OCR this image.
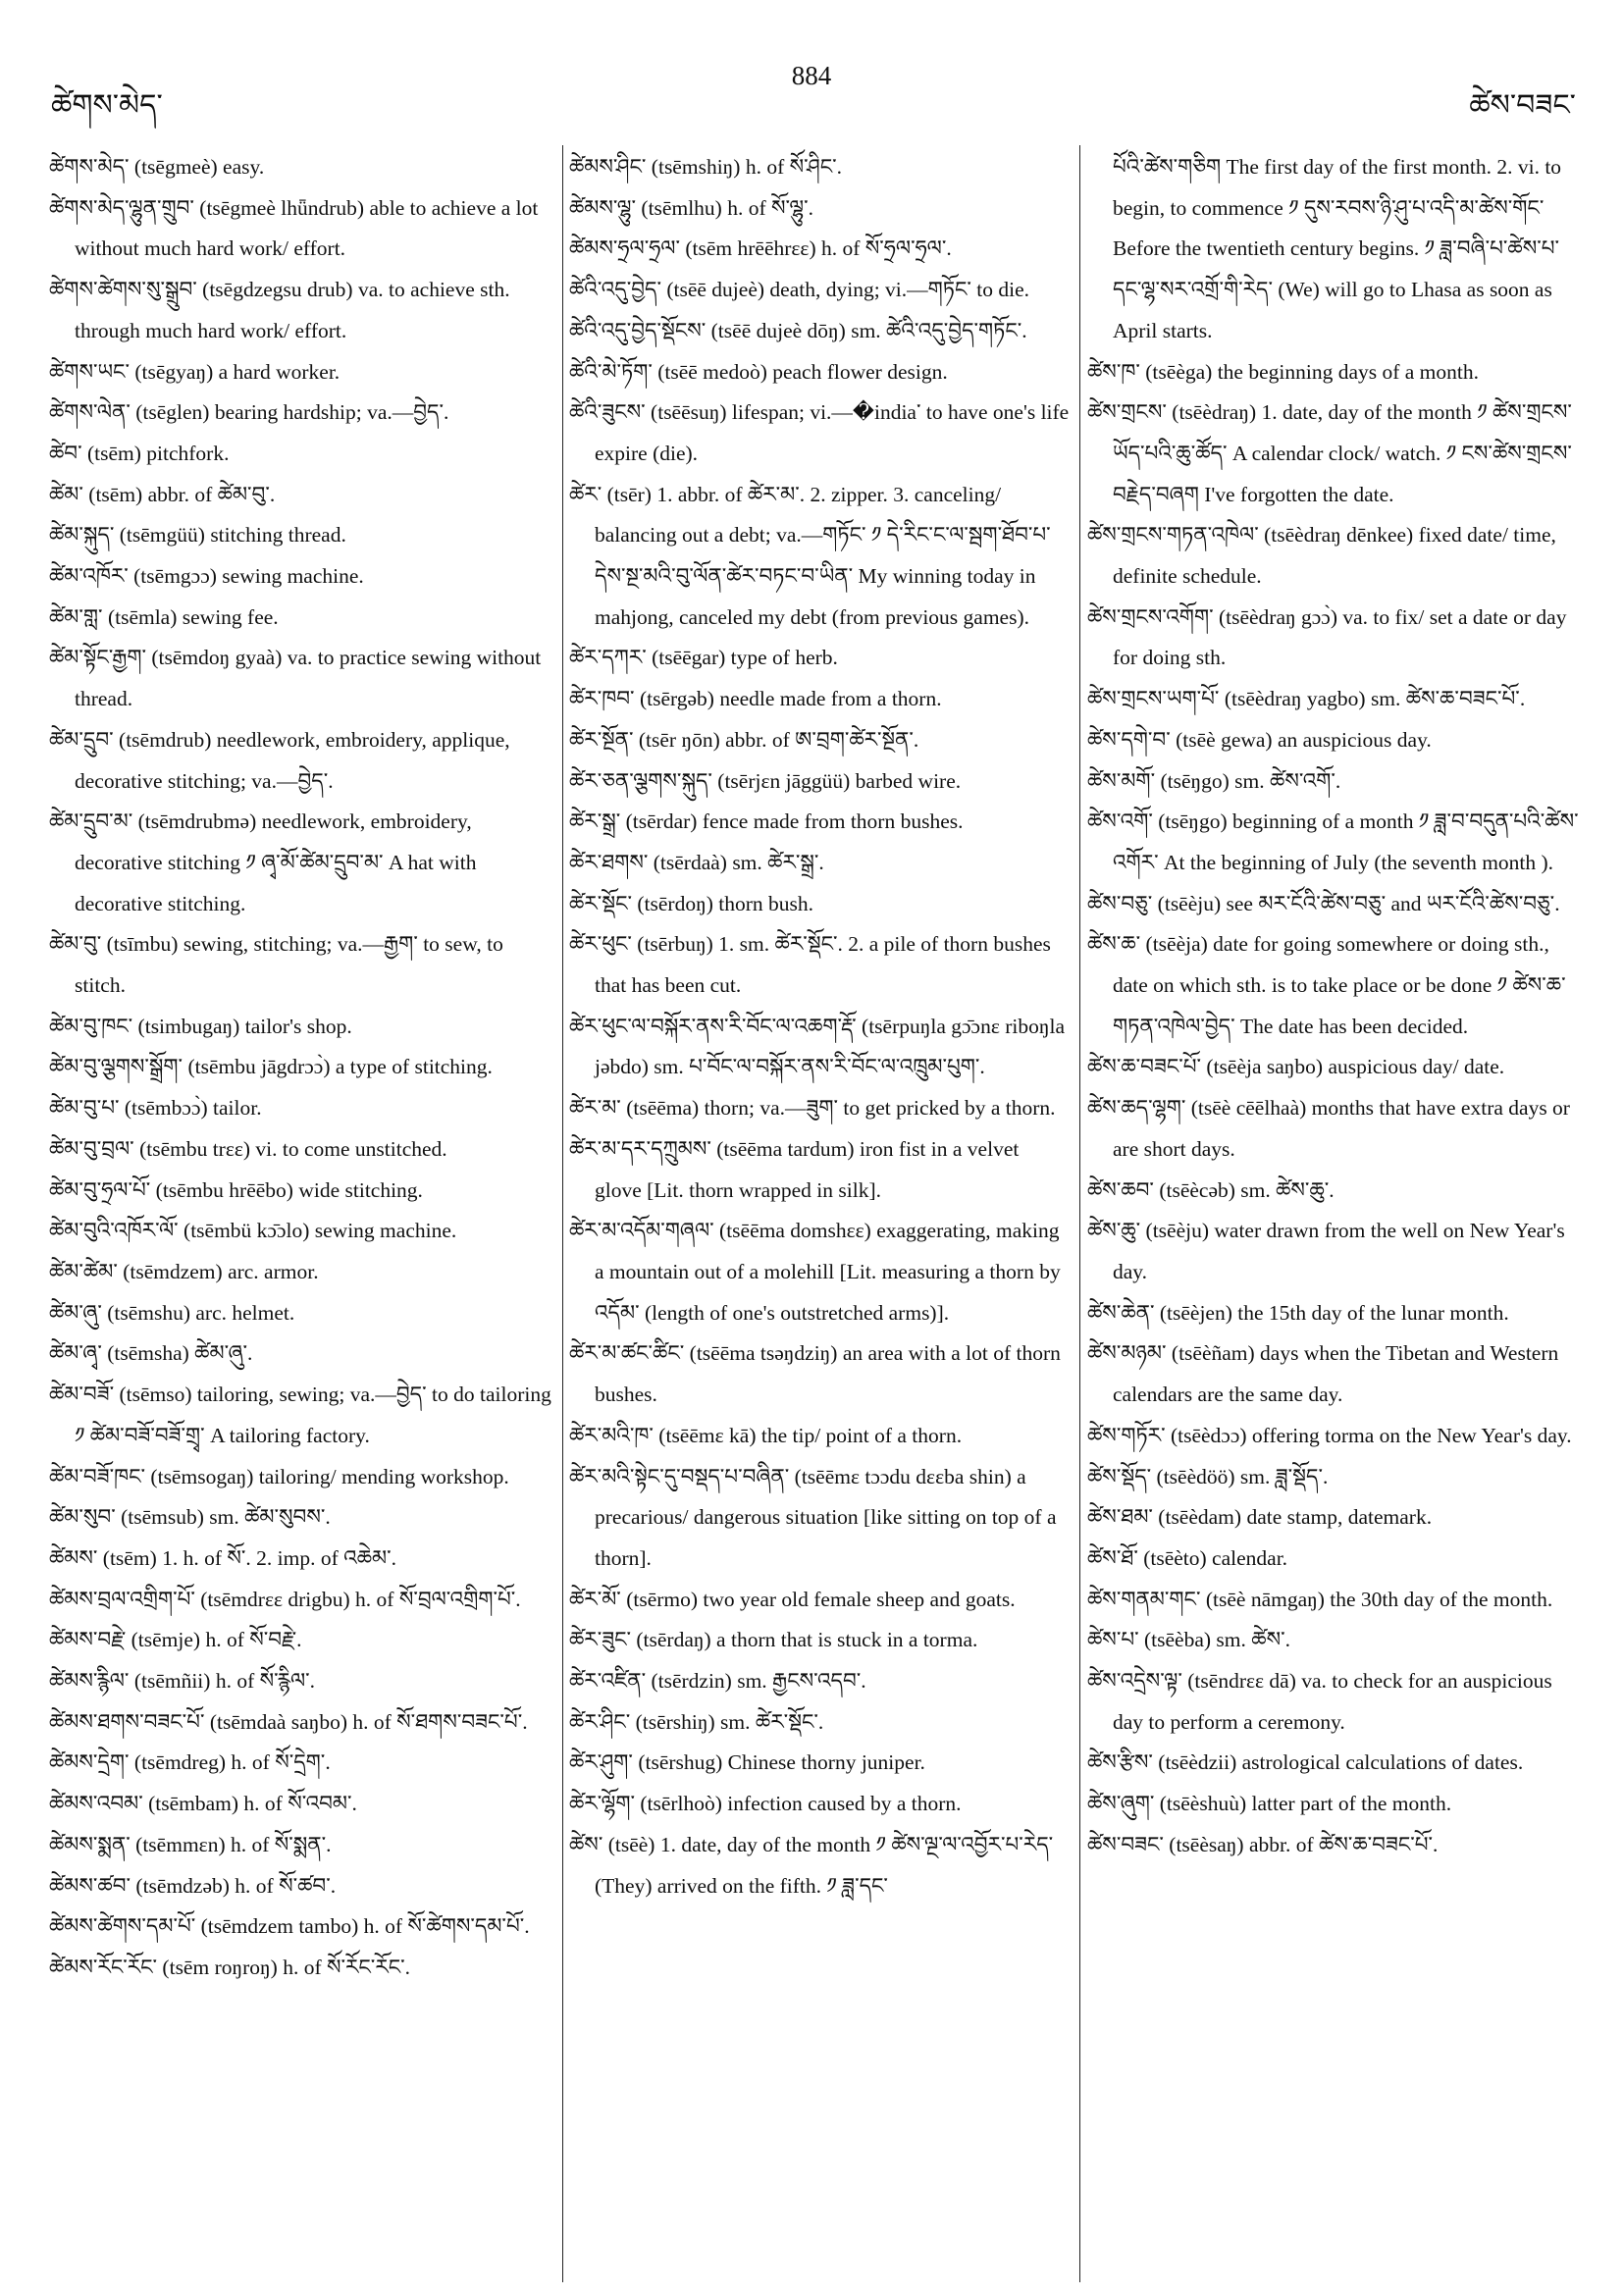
ཚེགས་མེད་
884
ཚེས་བཟང་

ཚེགས་མེད་ (tsēgmeè) easy.

ཚེགས་མེད་ལྷུན་གྲུབ་ (tsēgmeè lhǖndrub) able to achieve a lot without much hard work/ effort.

ཚེགས་ཚེགས་སུ་སྒྲུབ་ (tsēgdzegsu drub) va. to achieve sth. through much hard work/ effort.

ཚེགས་ཡང་ (tsēgyaŋ) a hard worker.

ཚེགས་ལེན་ (tsēglen) bearing hardship; va.—བྱེད་.

ཚེབ་ (tsēm) pitchfork.

ཚེམ་ (tsēm) abbr. of ཚེམ་བུ་.

ཚེམ་སྐུད་ (tsēmgüü) stitching thread.

ཚེམ་འཁོར་ (tsēmgɔɔ) sewing machine.

ཚེམ་གླ་ (tsēmla) sewing fee.

ཚེམ་སྟོང་རྒྱག་ (tsēmdoŋ gyaà) va. to practice sewing without thread.

ཚེམ་དྲུབ་ (tsēmdrub) needlework, embroidery, applique, decorative stitching; va.—བྱེད་.

ཚེམ་དྲུབ་མ་ (tsēmdrubmə) needlework, embroidery, decorative stitching ༡ ཞྭ་མོ་ཚེམ་དྲུབ་མ་ A hat with decorative stitching.

ཚེམ་བུ་ (tsīmbu) sewing, stitching; va.—རྒྱག་ to sew, to stitch.

ཚེམ་བུ་ཁང་ (tsimbugaŋ) tailor's shop.

ཚེམ་བུ་ལྕགས་སྒྲོག་ (tsēmbu jāgdrɔɔ̀) a type of stitching.

ཚེམ་བུ་པ་ (tsēmbɔɔ̀) tailor.

ཚེམ་བུ་བྲལ་ (tsēmbu trɛɛ) vi. to come unstitched.

ཚེམ་བུ་ཧྲལ་པོ་ (tsēmbu hrēēbo) wide stitching.

ཚེམ་བུའི་འཁོར་ལོ་ (tsēmbü kɔ̄ɔlo) sewing machine.

ཚེམ་ཚེམ་ (tsēmdzem) arc. armor.

ཚེམ་ཞུ་ (tsēmshu) arc. helmet.

ཚེམ་ཞྭ་ (tsēmsha) ཚེམ་ཞུ་.

ཚེམ་བཟོ་ (tsēmso) tailoring, sewing; va.—བྱེད་ to do tailoring ༡ ཚེམ་བཟོ་བཟོ་གྲྭ་ A tailoring factory.

ཚེམ་བཟོ་ཁང་ (tsēmsogaŋ) tailoring/ mending workshop.

ཚེམ་སུབ་ (tsēmsub) sm. ཚེམ་སུབས་.

ཚེམས་ (tsēm) 1. h. of སོ་. 2. imp. of འཆེམ་.

ཚེམས་བྲལ་འགྲིག་པོ་ (tsēmdrɛɛ drigbu) h. of སོ་བྲལ་འགྲིག་པོ་.

ཚེམས་བརྗེ་ (tsēmje) h. of སོ་བརྗེ་.

ཚེམས་རྙིལ་ (tsēmñii) h. of སོ་རྙིལ་.

ཚེམས་ཐགས་བཟང་པོ་ (tsēmdaà saŋbo) h. of སོ་ཐགས་བཟང་པོ་.

ཚེམས་དྲེག་ (tsēmdreg) h. of སོ་དྲེག་.

ཚེམས་འབམ་ (tsēmbam) h. of སོ་འབམ་.

ཚེམས་སྨན་ (tsēmmɛn) h. of སོ་སྨན་.

ཚེམས་ཚབ་ (tsēmdzəb) h. of སོ་ཚབ་.

ཚེམས་ཚེགས་དམ་པོ་ (tsēmdzem tambo) h. of སོ་ཚེགས་དམ་པོ་.

ཚེམས་རོང་རོང་ (tsēm roŋroŋ) h. of སོ་རོང་རོང་.

ཚེམས་ཤིང་ (tsēmshiŋ) h. of སོ་ཤིང་.

ཚེམས་ལྷུ་ (tsēmlhu) h. of སོ་ལྷུ་.

ཚེམས་ཧྲལ་ཧྲལ་ (tsēm hrēēhrɛɛ) h. of སོ་ཧྲལ་ཧྲལ་.

ཚེའི་འདུ་བྱེད་ (tsēē dujeè) death, dying; vi.—གཏོང་ to die.

ཚེའི་འདུ་བྱེད་སྡོངས་ (tsēē dujeè dōŋ) sm. ཚེའི་འདུ་བྱེད་གཏོང་.

ཚེའི་མེ་ཏོག་ (tsēē medoò) peach flower design.

ཚེའི་ཟུངས་ (tsēēsuŋ) lifespan; vi.—�india་ to have one's life expire (die).

ཚེར་ (tsēr) 1. abbr. of ཚེར་མ་. 2. zipper. 3. canceling/ balancing out a debt; va.—གཏོང་ ༡ དེ་རིང་ང་ལ་སྦག་ཐོབ་པ་དེས་སྔ་མའི་བུ་ལོན་ཚེར་བཏང་བ་ཡིན་ My winning today in mahjong, canceled my debt (from previous games).

ཚེར་དཀར་ (tsēēgar) type of herb.

ཚེར་ཁབ་ (tsērgəb) needle made from a thorn.

ཚེར་སྔོན་ (tsēr ŋōn) abbr. of ཨ་བྲག་ཚེར་སྔོན་.

ཚེར་ཅན་ལྕགས་སྐུད་ (tsērjɛn jāggüü) barbed wire.

ཚེར་སྒྲ་ (tsērdar) fence made from thorn bushes.

ཚེར་ཐགས་ (tsērdaà) sm. ཚེར་སྒྲ་.

ཚེར་སྡོང་ (tsērdoŋ) thorn bush.

ཚེར་ཕུང་ (tsērbuŋ) 1. sm. ཚེར་སྡོང་. 2. a pile of thorn bushes that has been cut.

ཚེར་ཕུང་ལ་བསྐོར་ནས་རི་བོང་ལ་འཆག་རྡོ་ (tsērpuŋla gɔ̄ɔnɛ riboŋla jəbdo) sm. པ་བོང་ལ་བསྐོར་ནས་རི་བོང་ལ་འཁྲུམ་པུག་.

ཚེར་མ་ (tsēēma) thorn; va.—ཟུག་ to get pricked by a thorn.

ཚེར་མ་དར་དཀྲུམས་ (tsēēma tardum) iron fist in a velvet glove [Lit. thorn wrapped in silk].

ཚེར་མ་འདོམ་གཞལ་ (tsēēma domshɛɛ) exaggerating, making a mountain out of a molehill [Lit. measuring a thorn by འདོམ་ (length of one's outstretched arms)].

ཚེར་མ་ཚང་ཚིང་ (tsēēma tsəŋdziŋ) an area with a lot of thorn bushes.

ཚེར་མའི་ཁ་ (tsēēmɛ kā) the tip/ point of a thorn.

ཚེར་མའི་སྟེང་དུ་བསྡད་པ་བཞིན་ (tsēēmɛ tɔɔdu dɛɛba shin) a precarious/ dangerous situation [like sitting on top of a thorn].

ཚེར་མོ་ (tsērmo) two year old female sheep and goats.

ཚེར་ཟུང་ (tsērdaŋ) a thorn that is stuck in a torma.

ཚེར་འཛིན་ (tsērdzin) sm. རྒྱངས་འདབ་.

ཚེར་ཤིང་ (tsērshiŋ) sm. ཚེར་སྡོང་.

ཚེར་ཤུག་ (tsērshug) Chinese thorny juniper.

ཚེར་ལྷོག་ (tsērlhoò) infection caused by a thorn.

ཚེས་ (tsēè) 1. date, day of the month ༡ ཚེས་ལྔ་ལ་འབྱོར་པ་རེད་ (They) arrived on the fifth. ༡ ཟླ་དང་

པོའི་ཚེས་གཅིག The first day of the first month. 2. vi. to begin, to commence ༡ དུས་རབས་ཉི་ཤུ་པ་འདི་མ་ཚེས་གོང་ Before the twentieth century begins. ༡ ཟླ་བཞི་པ་ཚེས་པ་དང་ལྷ་སར་འགྲོ་གི་རེད་ (We) will go to Lhasa as soon as April starts.

ཚེས་ཁ་ (tsēèga) the beginning days of a month.

ཚེས་གྲངས་ (tsēèdraŋ) 1. date, day of the month ༡ ཚེས་གྲངས་ཡོད་པའི་ཆུ་ཚོད་ A calendar clock/ watch. ༡ ངས་ཚེས་གྲངས་བརྗེད་བཞག I've forgotten the date.

ཚེས་གྲངས་གཏན་འཁེལ་ (tsēèdraŋ dēnkee) fixed date/ time, definite schedule.

ཚེས་གྲངས་འགོག་ (tsēèdraŋ gɔɔ̀) va. to fix/ set a date or day for doing sth.

ཚེས་གྲངས་ཡག་པོ་ (tsēèdraŋ yagbo) sm. ཚེས་ཆ་བཟང་པོ་.

ཚེས་དགེ་བ་ (tsēè gewa) an auspicious day.

ཚེས་མགོ་ (tsēŋgo) sm. ཚེས་འགོ་.

ཚེས་འགོ་ (tsēŋgo) beginning of a month ༡ ཟླ་བ་བདུན་པའི་ཚེས་འགོར་ At the beginning of July (the seventh month ).

ཚེས་བཅུ་ (tsēèju) see མར་ངོའི་ཚེས་བཅུ་ and ཡར་ངོའི་ཚེས་བཅུ་.

ཚེས་ཆ་ (tsēèja) date for going somewhere or doing sth., date on which sth. is to take place or be done ༡ ཚེས་ཆ་གཏན་འཁེལ་བྱེད་ The date has been decided.

ཚེས་ཆ་བཟང་པོ་ (tsēèja saŋbo) auspicious day/ date.

ཚེས་ཆད་ལྷག་ (tsēè cēēlhaà) months that have extra days or are short days.

ཚེས་ཆབ་ (tsēècəb) sm. ཚེས་ཆུ་.

ཚེས་ཆུ་ (tsēèju) water drawn from the well on New Year's day.

ཚེས་ཆེན་ (tsēèjen) the 15th day of the lunar month.

ཚེས་མཉམ་ (tsēèñam) days when the Tibetan and Western calendars are the same day.

ཚེས་གཏོར་ (tsēèdɔɔ) offering torma on the New Year's day.

ཚེས་སྡོད་ (tsēèdöö) sm. ཟླ་སྡོད་.

ཚེས་ཐམ་ (tsēèdam) date stamp, datemark.

ཚེས་ཐོ་ (tsēèto) calendar.

ཚེས་གནམ་གང་ (tsēè nāmgaŋ) the 30th day of the month.

ཚེས་པ་ (tsēèba) sm. ཚེས་.

ཚེས་འདྲེས་ལྟ་ (tsēndrɛɛ dā) va. to check for an auspicious day to perform a ceremony.

ཚེས་རྩིས་ (tsēèdzii) astrological calculations of dates.

ཚེས་ཞུག་ (tsēèshuù) latter part of the month.

ཚེས་བཟང་ (tsēèsaŋ) abbr. of ཚེས་ཆ་བཟང་པོ་.
